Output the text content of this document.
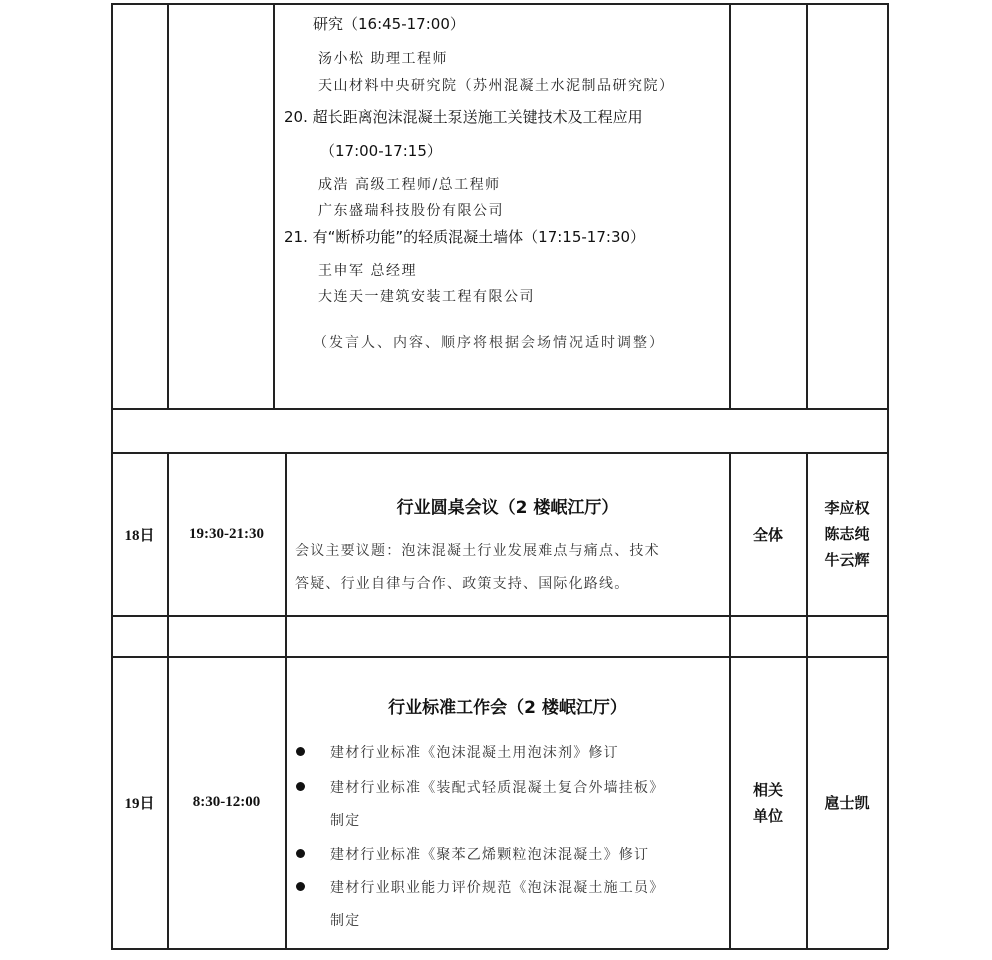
研究（16:45-17:00）
汤小松 助理工程师
天山材料中央研究院（苏州混凝土水泥制品研究院）
20. 超长距离泡沫混凝土泵送施工关键技术及工程应用
（17:00-17:15）
成浩 高级工程师/总工程师
广东盛瑞科技股份有限公司
21. 有“断桥功能”的轻质混凝土墙体（17:15-17:30）
王申军 总经理
大连天一建筑安装工程有限公司
（发言人、内容、顺序将根据会场情况适时调整）
18日 19:30-21:30
行业圆桌会议（2 楼岷江厅）
会议主要议题：泡沫混凝土行业发展难点与痛点、技术
答疑、行业自律与合作、政策支持、国际化路线。
全体
李应权
陈志纯
牛云辉
19日	8:30-12:00
行业标准工作会（2 楼岷江厅）
建材行业标准《泡沫混凝土用泡沫剂》修订
建材行业标准《装配式轻质混凝土复合外墙挂板》
制定
建材行业标准《聚苯乙烯颗粒泡沫混凝土》修订
建材行业职业能力评价规范《泡沫混凝土施工员》
制定
相关
单位
扈士凯
